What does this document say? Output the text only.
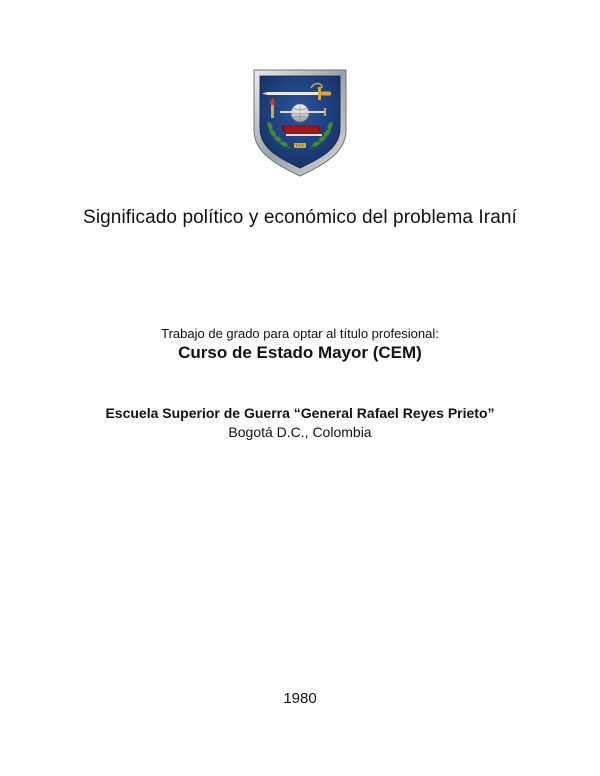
Significado político y económico del problema Iraní
Trabajo de grado para optar al título profesional:
Curso de Estado Mayor (CEM)
Escuela Superior de Guerra “General Rafael Reyes Prieto”
Bogotá D.C., Colombia
1980
